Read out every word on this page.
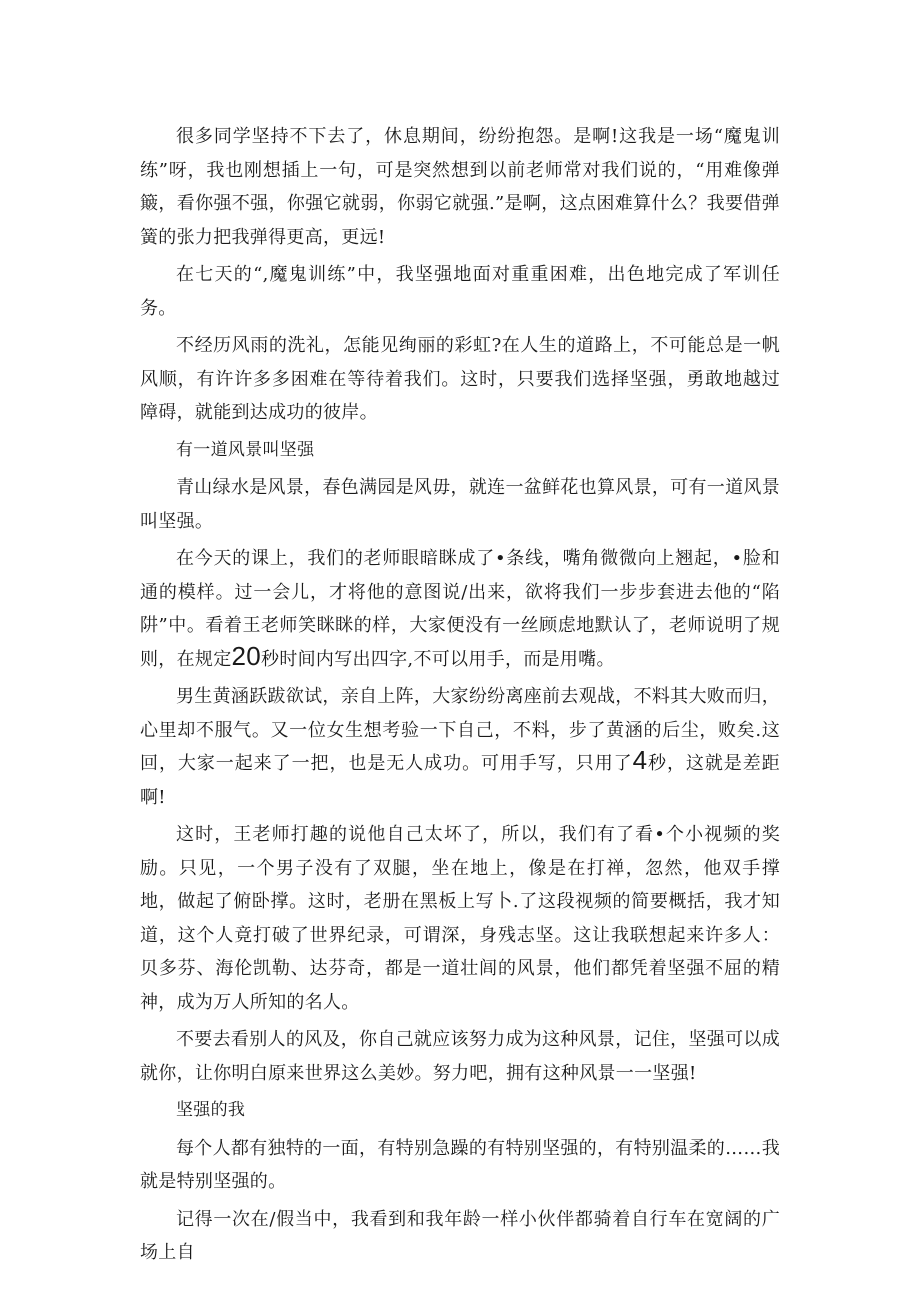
很多同学坚持不下去了，休息期间，纷纷抱怨。是啊!这我是一场“魔鬼训练”呀，我也刚想插上一句，可是突然想到以前老师常对我们说的，“用难像弹簸，看你强不强，你强它就弱，你弱它就强.”是啊，这点困难算什么？我要借弹簧的张力把我弹得更高，更远!

在七天的“,魔鬼训练”中，我坚强地面对重重困难，出色地完成了军训任务。

不经历风雨的洗礼，怎能见绚丽的彩虹?在人生的道路上，不可能总是一帆风顺，有许许多多困难在等待着我们。这时，只要我们选择坚强，勇敢地越过障碍，就能到达成功的彼岸。

有一道风景叫坚强

青山绿水是风景，春色满园是风毋，就连一盆鲜花也算风景，可有一道风景叫坚强。

在今天的课上，我们的老师眼暗眯成了•条线，嘴角微微向上翘起，•脸和通的模样。过一会儿，才将他的意图说/出来，欲将我们一步步套进去他的“陷阱”中。看着王老师笑眯眯的样，大家便没有一丝顾虑地默认了，老师说明了规则，在规定20秒时间内写出四字,不可以用手，而是用嘴。

男生黄涵跃跋欲试，亲自上阵，大家纷纷离座前去观战，不料其大败而归，心里却不服气。又一位女生想考验一下自己，不料，步了黄涵的后尘，败矣.这回，大家一起来了一把，也是无人成功。可用手写，只用了4秒，这就是差距啊!

这时，王老师打趣的说他自己太坏了，所以，我们有了看•个小视频的奖励。只见，一个男子没有了双腿，坐在地上，像是在打禅，忽然，他双手撑地，做起了俯卧撑。这时，老册在黑板上写卜.了这段视频的简要概括，我才知道，这个人竟打破了世界纪录，可谓深，身残志坚。这让我联想起来许多人：贝多芬、海伦凯勒、达芬奇，都是一道壮闾的风景，他们都凭着坚强不屈的精神，成为万人所知的名人。

不要去看别人的风及，你自己就应该努力成为这种风景，记住，坚强可以成就你，让你明白原来世界这么美妙。努力吧，拥有这种风景一一坚强!

坚强的我

每个人都有独特的一面，有特别急躁的有特别坚强的，有特别温柔的……我就是特别坚强的。

记得一次在/假当中，我看到和我年龄一样小伙伴都骑着自行车在宽阔的广场上自
